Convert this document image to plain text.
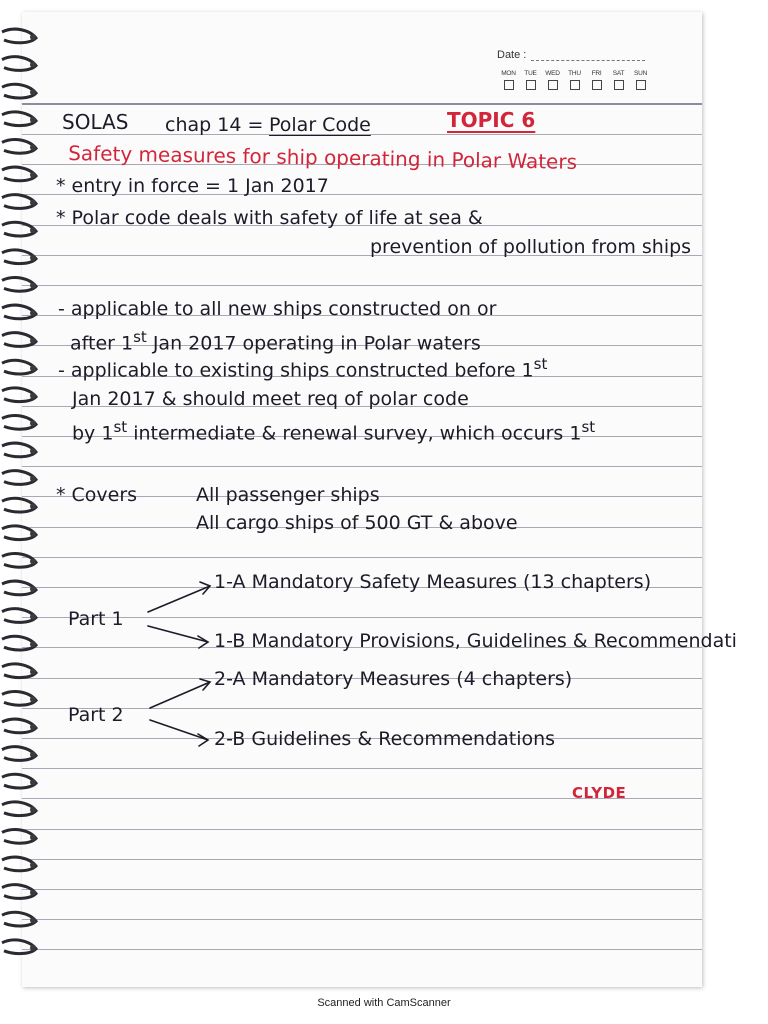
Date :
MON TUE WED THU FRI SAT SUN
SOLAS chap 14 = Polar Code	TOPIC 6
Safety measures for ship operating in Polar Waters
* entry in force = 1 Jan 2017
* Polar code deals with safety of life at sea &
prevention of pollution from ships
- applicable to all new ships constructed on or
after 1st Jan 2017 operating in Polar waters
- applicable to existing ships constructed before 1st
Jan 2017 & should meet req of polar code
by 1st intermediate & renewal survey, which occurs 1st
* Covers	All passenger ships
All cargo ships of 500 GT & above
Part 1
1-A Mandatory Safety Measures (13 chapters)
1-B Mandatory Provisions, Guidelines & Recommendati
Part 2
2-A Mandatory Measures (4 chapters)
2-B Guidelines & Recommendations
CLYDE
Scanned with CamScanner
